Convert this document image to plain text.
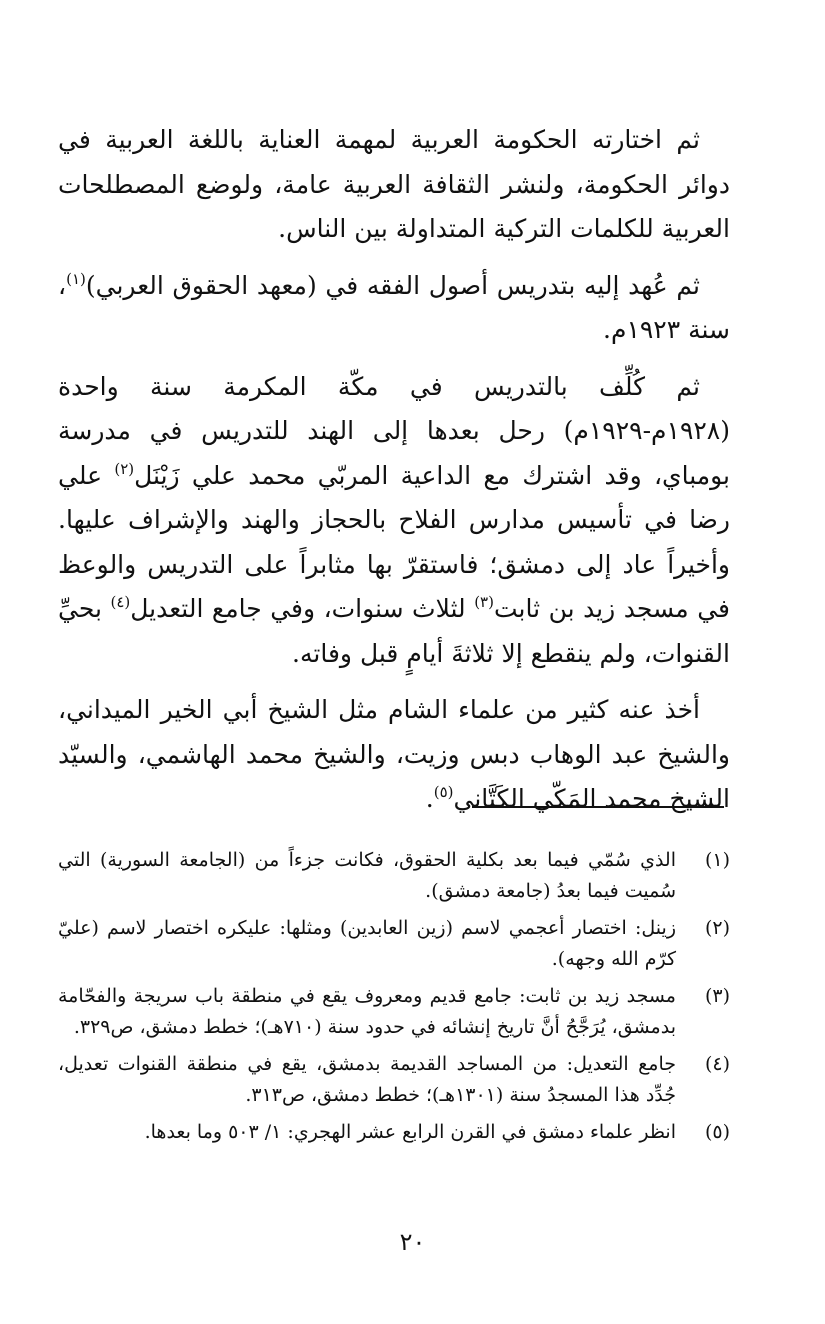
ثم اختارته الحكومة العربية لمهمة العناية باللغة العربية في دوائر الحكومة، ولنشر الثقافة العربية عامة، ولوضع المصطلحات العربية للكلمات التركية المتداولة بين الناس.

ثم عُهد إليه بتدريس أصول الفقه في (معهد الحقوق العربي)$^{(١)}$، سنة ١٩٢٣م.

ثم كُلِّف بالتدريس في مكّة المكرمة سنة واحدة (١٩٢٨م-١٩٢٩م) رحل بعدها إلى الهند للتدريس في مدرسة بومباي، وقد اشترك مع الداعية المربّي محمد علي زَيْنَل$^{(٢)}$ علي رضا في تأسيس مدارس الفلاح بالحجاز والهند والإشراف عليها. وأخيراً عاد إلى دمشق؛ فاستقرّ بها مثابراً على التدريس والوعظ في مسجد زيد بن ثابت$^{(٣)}$ لثلاث سنوات، وفي جامع التعديل$^{(٤)}$ بحيِّ القنوات، ولم ينقطع إلا ثلاثةَ أيامٍ قبل وفاته.

أخذ عنه كثير من علماء الشام مثل الشيخ أبي الخير الميداني، والشيخ عبد الوهاب دبس وزيت، والشيخ محمد الهاشمي، والسيّد الشيخ محمد المَكّي الكَتَّاني$^{(٥)}$.

(١)
الذي سُمّي فيما بعد بكلية الحقوق، فكانت جزءاً من (الجامعة السورية) التي سُميت فيما بعدُ (جامعة دمشق).
(٢)
زينل: اختصار أعجمي لاسم (زين العابدين) ومثلها: عليكره اختصار لاسم (عليّ كرّم الله وجهه).
(٣)
مسجد زيد بن ثابت: جامع قديم ومعروف يقع في منطقة باب سريجة والفحّامة بدمشق، يُرَجَّحُ أنَّ تاريخ إنشائه في حدود سنة (٧١٠هـ)؛ خطط دمشق، ص٣٢٩.
(٤)
جامع التعديل: من المساجد القديمة بدمشق، يقع في منطقة القنوات تعديل، جُدِّد هذا المسجدُ سنة (١٣٠١هـ)؛ خطط دمشق، ص٣١٣.
(٥)
انظر علماء دمشق في القرن الرابع عشر الهجري: ١/ ٥٠٣ وما بعدها.
٢٠
